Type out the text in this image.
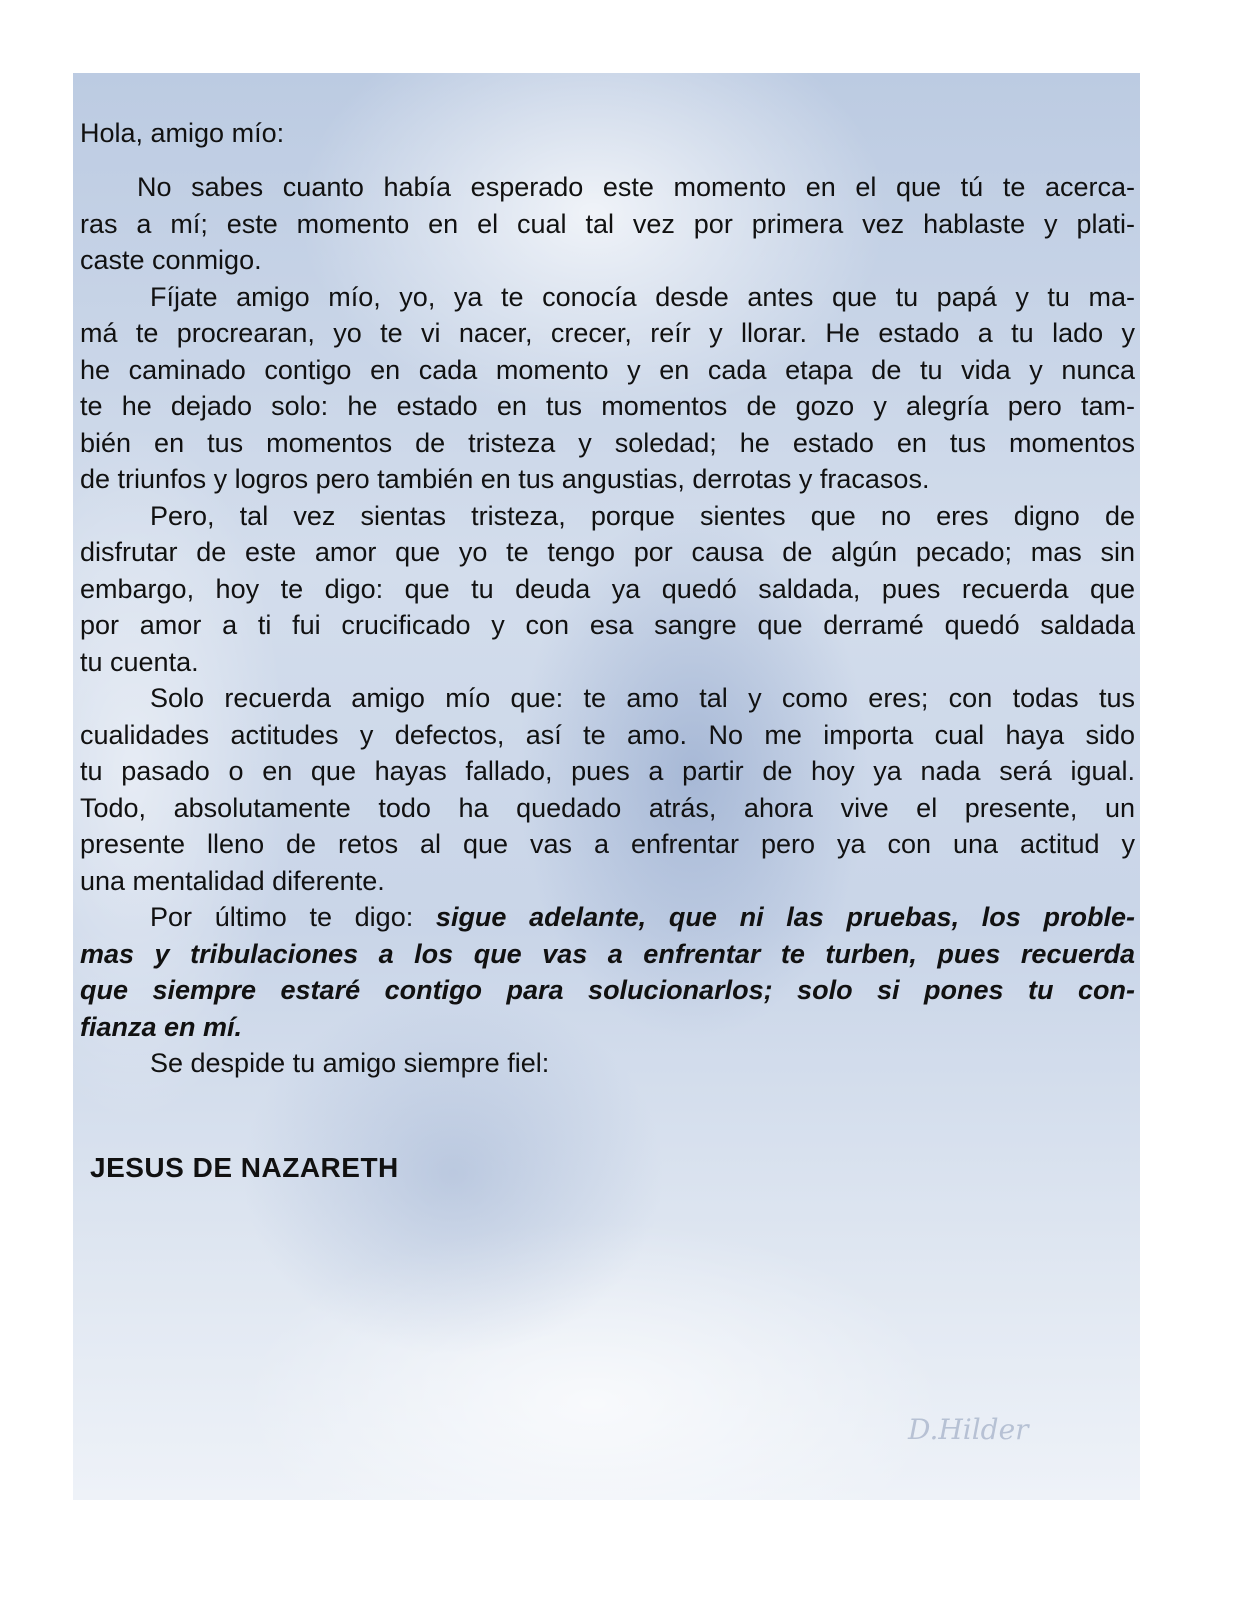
Hola, amigo mío:
No sabes cuanto había esperado este momento en el que tú te acerca-
ras a mí; este momento en el cual tal vez por primera vez hablaste y plati-
caste conmigo.
Fíjate amigo mío, yo, ya te conocía desde antes que tu papá y tu ma-
má te procrearan, yo te vi nacer, crecer, reír y llorar. He estado a tu lado y
he caminado contigo en cada momento y en cada etapa de tu vida y nunca
te he dejado solo: he estado en tus momentos de gozo y alegría pero tam-
bién en tus momentos de tristeza y soledad; he estado en tus momentos
de triunfos y logros pero también en tus angustias, derrotas y fracasos.
Pero, tal vez sientas tristeza, porque sientes que no eres digno de
disfrutar de este amor que yo te tengo por causa de algún pecado; mas sin
embargo, hoy te digo: que tu deuda ya quedó saldada, pues recuerda que
por amor a ti fui crucificado y con esa sangre que derramé quedó saldada
tu cuenta.
Solo recuerda amigo mío que: te amo tal y como eres; con todas tus
cualidades actitudes y defectos, así te amo. No me importa cual haya sido
tu pasado o en que hayas fallado, pues a partir de hoy ya nada será igual.
Todo, absolutamente todo ha quedado atrás, ahora vive el presente, un
presente lleno de retos al que vas a enfrentar pero ya con una actitud y
una mentalidad diferente.
Por último te digo: sigue adelante, que ni las pruebas, los proble-
mas y tribulaciones a los que vas a enfrentar te turben, pues recuerda
que siempre estaré contigo para solucionarlos; solo si pones tu con-
fianza en mí.
Se despide tu amigo siempre fiel:
JESUS DE NAZARETH
D.Hilder
